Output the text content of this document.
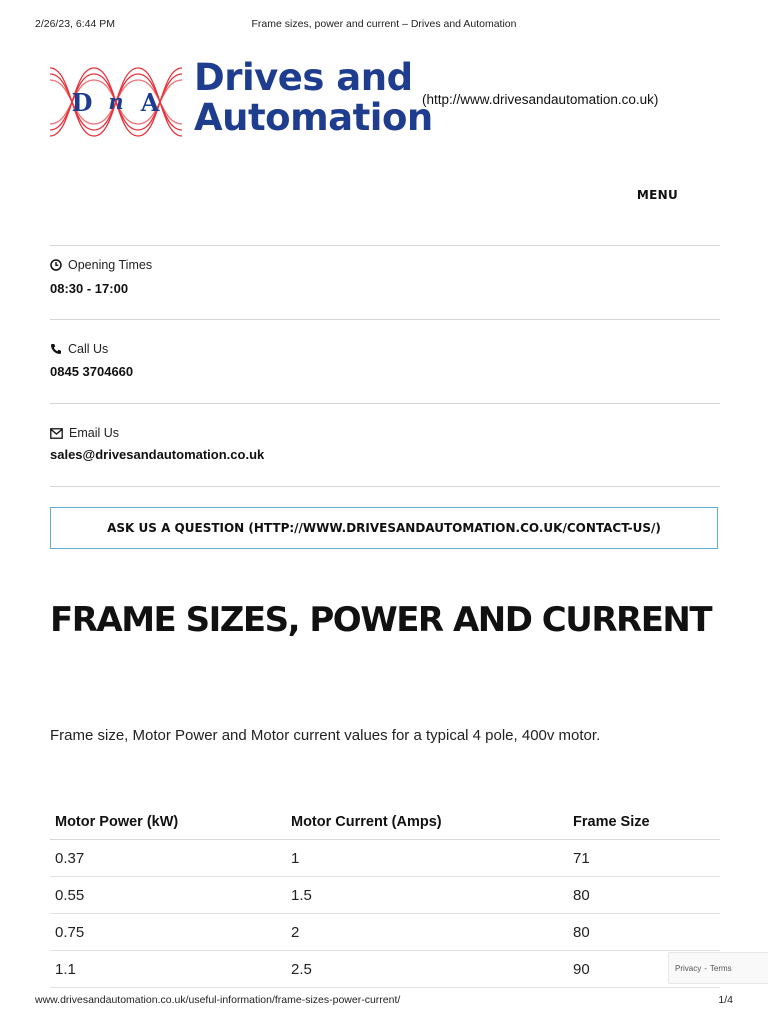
2/26/23, 6:44 PM	Frame sizes, power and current – Drives and Automation
D n A
Drives and
Automation
(http://www.drivesandautomation.co.uk)
MENU
Opening Times
08:30 - 17:00
Call Us
0845 3704660
Email Us
sales@drivesandautomation.co.uk
ASK US A QUESTION (HTTP://WWW.DRIVESANDAUTOMATION.CO.UK/CONTACT-US/)
FRAME SIZES, POWER AND CURRENT

Frame size, Motor Power and Motor current values for a typical 4 pole, 400v motor.

Motor Power (kW)	Motor Current (Amps)	Frame Size
0.37	1	71
0.55	1.5	80
0.75	2	80
1.1	2.5	90	Privacy - Terms
www.drivesandautomation.co.uk/useful-information/frame-sizes-power-current/	1/4
